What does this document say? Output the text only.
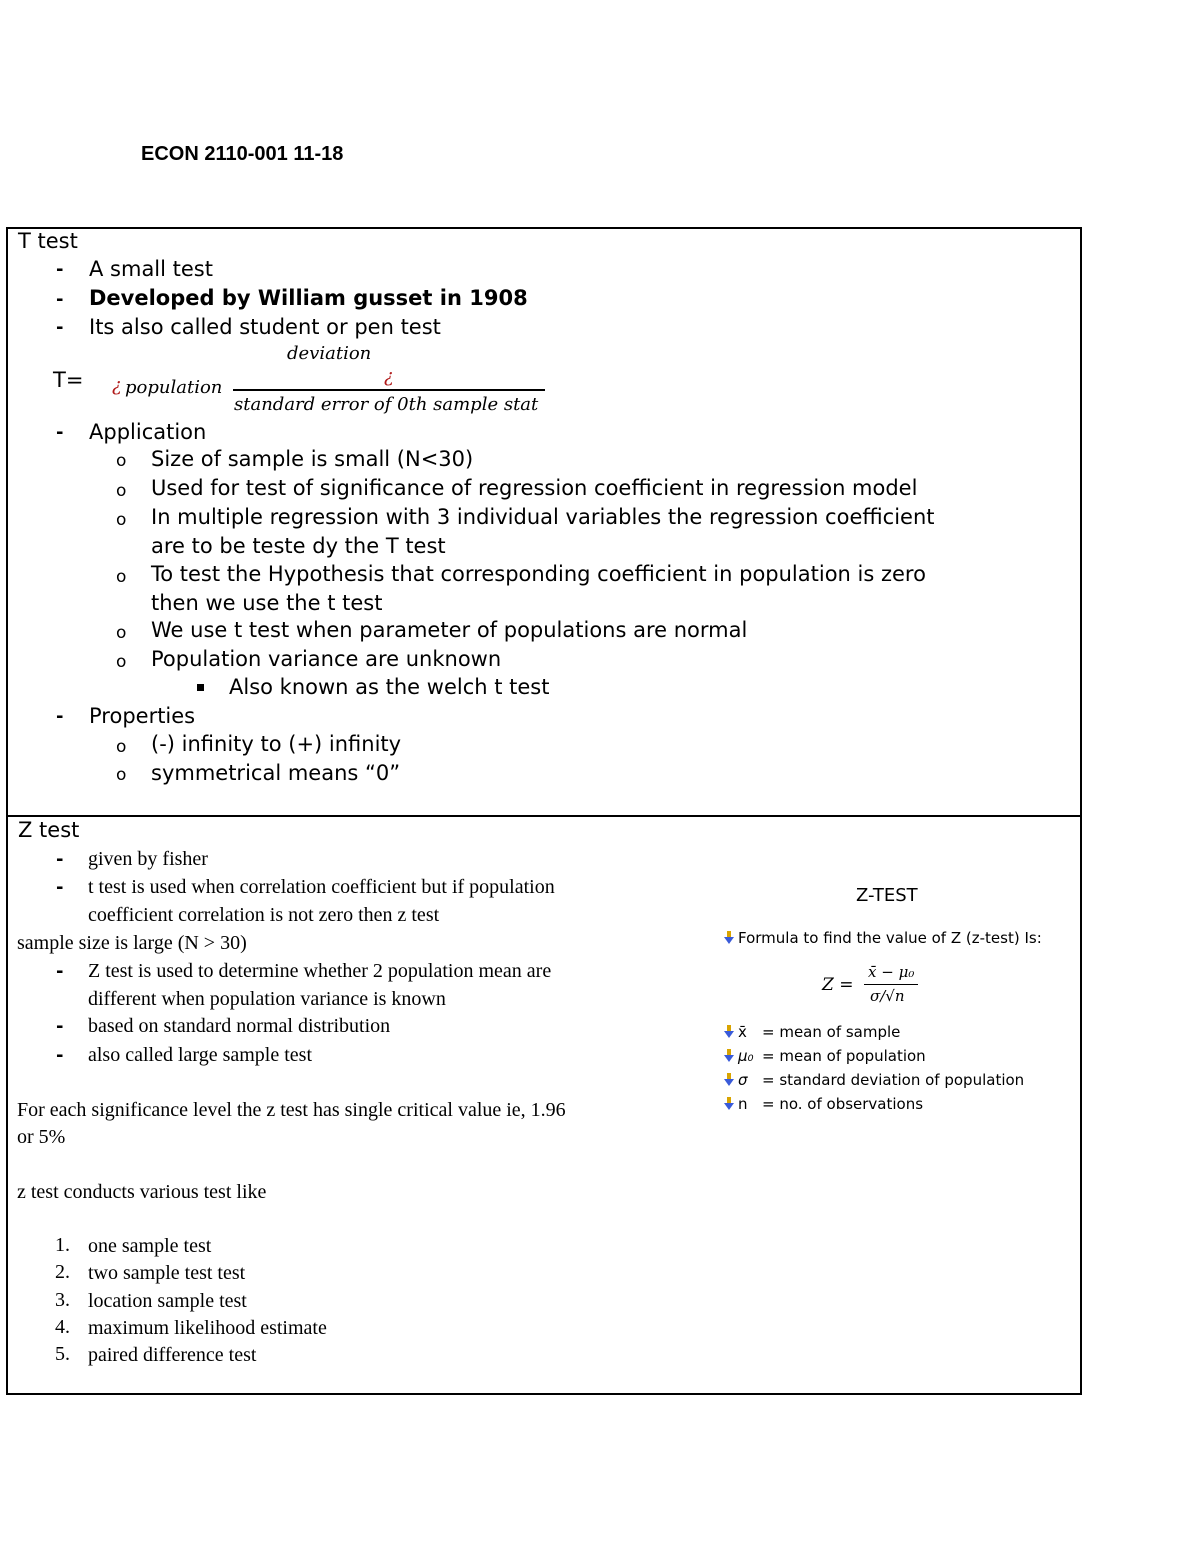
ECON 2110-001 11-18
T test
- A small test
- Developed by William gusset in 1908
- Its also called student or pen test
T= ¿ population
deviation
¿
standard error of 0th sample stat
- Application
o Size of sample is small (N<30)
o Used for test of significance of regression coefficient in regression model
o In multiple regression with 3 individual variables the regression coefficient
are to be teste dy the T test
o To test the Hypothesis that corresponding coefficient in population is zero
then we use the t test
o We use t test when parameter of populations are normal
o Population variance are unknown
Also known as the welch t test
- Properties
o (-) infinity to (+) infinity
o symmetrical means “0”
Z test
- given by fisher
- t test is used when correlation coefficient but if population
coefficient correlation is not zero then z test
sample size is large (N > 30)
- Z test is used to determine whether 2 population mean are
different when population variance is known
- based on standard normal distribution
- also called large sample test
For each significance level the z test has single critical value ie, 1.96
or 5%
z test conducts various test like
1. one sample test
2. two sample test test
3. location sample test
4. maximum likelihood estimate
5. paired difference test
Z-TEST
Formula to find the value of Z (z-test) Is:
Z =
x̄ − μ₀
σ/√n
x̄ = mean of sample
μ₀ = mean of population
σ = standard deviation of population
n = no. of observations
